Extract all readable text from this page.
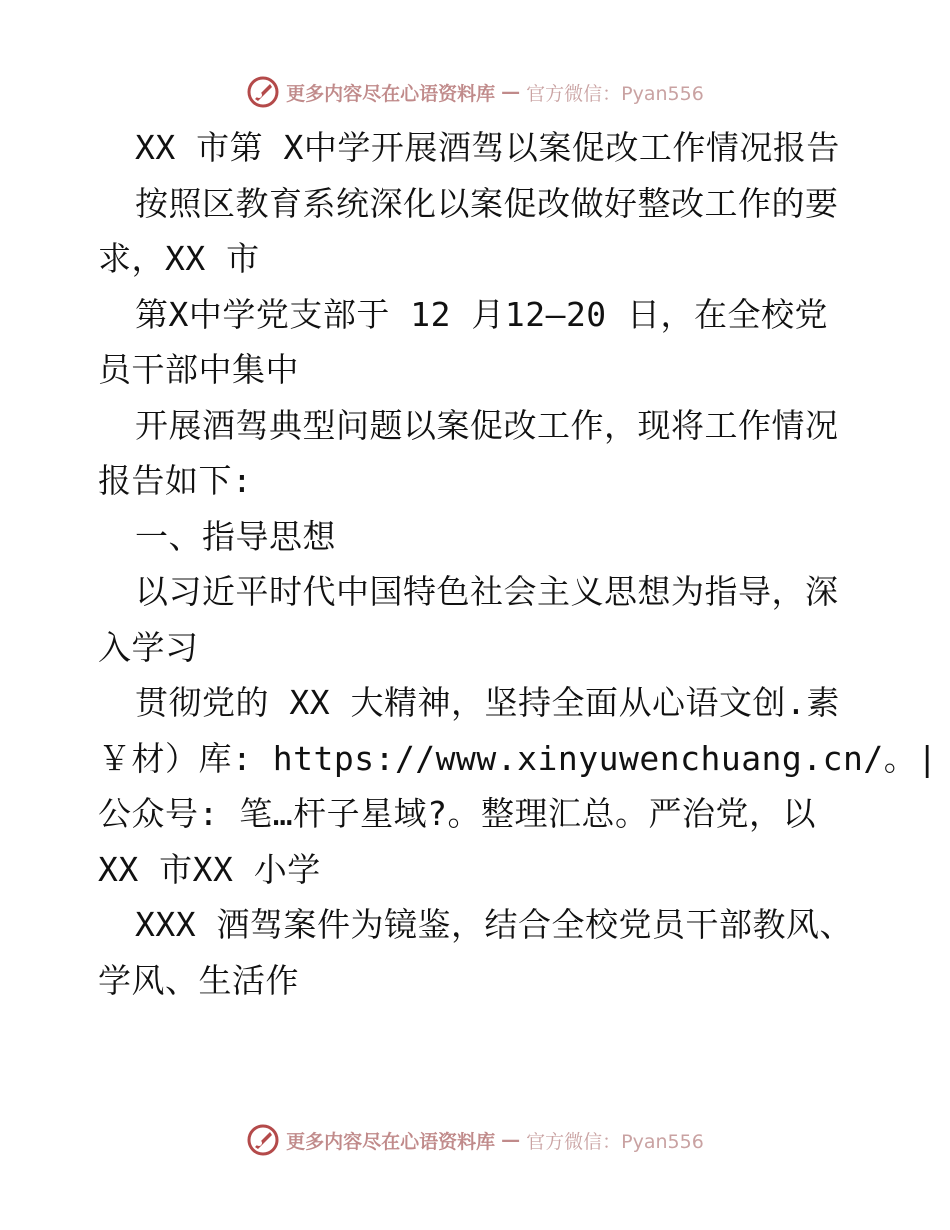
更多内容尽在心语资料库 — 官方微信：Pyan556
XX 市第 X中学开展酒驾以案促改工作情况报告
按照区教育系统深化以案促改做好整改工作的要
求，XX 市
第X中学党支部于 12 月12—20 日，在全校党
员干部中集中
开展酒驾典型问题以案促改工作，现将工作情况
报告如下:
一、指导思想
以习近平时代中国特色社会主义思想为指导，深
入学习
贯彻党的 XX 大精神，坚持全面从心语文创.素
￥材）库: https://www.xinyuwenchuang.cn/。|
公众号: 笔…杆子星域?。整理汇总。严治党，以
XX 市XX 小学
XXX 酒驾案件为镜鉴，结合全校党员干部教风、
学风、生活作
更多内容尽在心语资料库 — 官方微信：Pyan556
